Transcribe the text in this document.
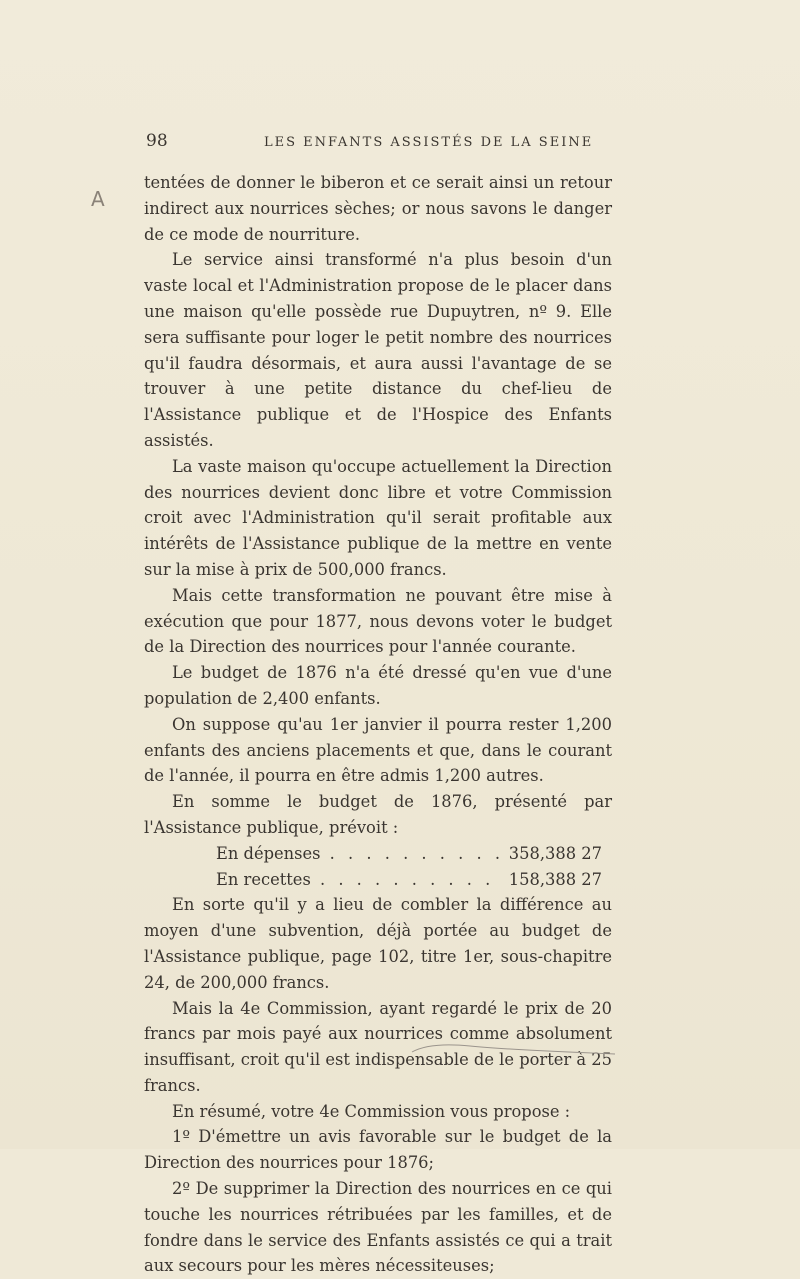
98	LES ENFANTS ASSISTÉS DE LA SEINE
A

tentées de donner le biberon et ce serait ainsi un retour indirect aux nourrices sèches; or nous savons le danger de ce mode de nourriture.

Le service ainsi transformé n'a plus besoin d'un vaste local et l'Administration propose de le placer dans une maison qu'elle possède rue Dupuytren, nº 9. Elle sera suffisante pour loger le petit nombre des nourrices qu'il faudra désormais, et aura aussi l'avantage de se trouver à une petite distance du chef-lieu de l'Assistance publique et de l'Hospice des Enfants assistés.

La vaste maison qu'occupe actuellement la Direction des nourrices devient donc libre et votre Commission croit avec l'Administration qu'il serait profitable aux intérêts de l'Assistance publique de la mettre en vente sur la mise à prix de 500,000 francs.

Mais cette transformation ne pouvant être mise à exécution que pour 1877, nous devons voter le budget de la Direction des nourrices pour l'année courante.

Le budget de 1876 n'a été dressé qu'en vue d'une population de 2,400 enfants.

On suppose qu'au 1er janvier il pourra rester 1,200 enfants des anciens placements et que, dans le courant de l'année, il pourra en être admis 1,200 autres.

En somme le budget de 1876, présenté par l'Assistance publique, prévoit :

En dépenses . . .	358,388 27
En recettes . . .	158,388 27

En sorte qu'il y a lieu de combler la différence au moyen d'une subvention, déjà portée au budget de l'Assistance publique, page 102, titre 1er, sous-chapitre 24, de 200,000 francs.

Mais la 4e Commission, ayant regardé le prix de 20 francs par mois payé aux nourrices comme absolument insuffisant, croit qu'il est indispensable de le porter à 25 francs.

En résumé, votre 4e Commission vous propose :

1º D'émettre un avis favorable sur le budget de la Direction des nourrices pour 1876;

2º De supprimer la Direction des nourrices en ce qui touche les nourrices rétribuées par les familles, et de fondre dans le service des Enfants assistés ce qui a trait aux secours pour les mères nécessiteuses;
